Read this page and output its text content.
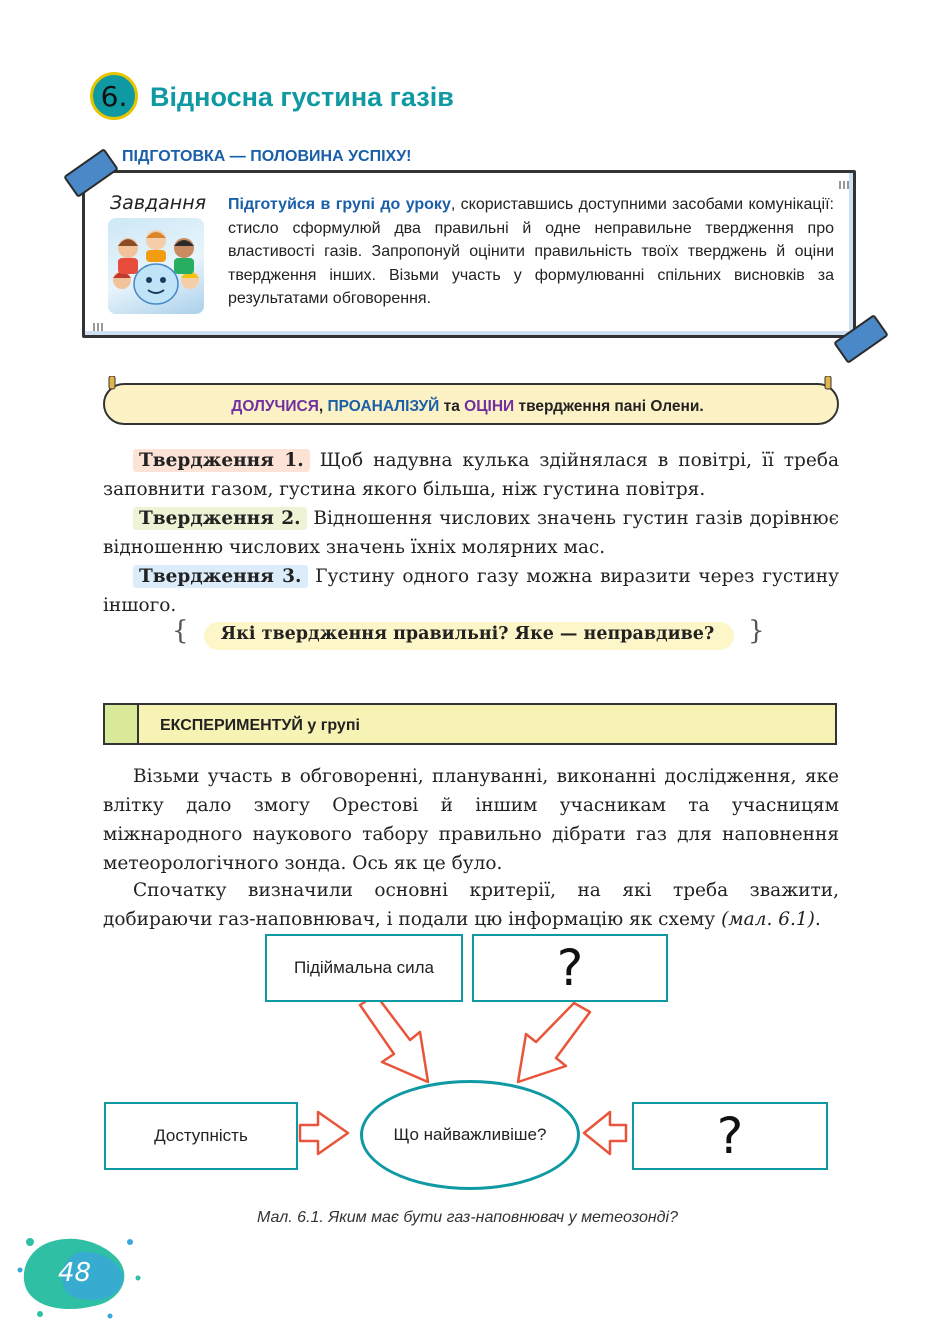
6. Відносна густина газів
ПІДГОТОВКА — ПОЛОВИНА УСПІХУ!
Завдання Підготуйся в групі до уроку, скориставшись доступними засобами комунікації: стисло сформулюй два правильні й одне неправильне твердження про властивості газів. Запропонуй оцінити правильність твоїх тверджень й оціни твердження інших. Візьми участь у формулюванні спільних висновків за результатами обговорення.
ДОЛУЧИСЯ, ПРОАНАЛІЗУЙ та ОЦІНИ твердження пані Олени.
Твердження 1. Щоб надувна кулька здійнялася в повітрі, її треба заповнити газом, густина якого більша, ніж густина повітря.
Твердження 2. Відношення числових значень густин газів дорівнює відношенню числових значень їхніх молярних мас.
Твердження 3. Густину одного газу можна виразити через густину іншого.
{	}
Які твердження правильні? Яке — неправдиве?
ЕКСПЕРИМЕНТУЙ у групі
Візьми участь в обговоренні, плануванні, виконанні дослідження, яке влітку дало змогу Орестові й іншим учасникам та учасницям міжнародного наукового табору правильно дібрати газ для наповнення метеорологічного зонда. Ось як це було.
Спочатку визначили основні критерії, на які треба зважити, добираючи газ-наповнювач, і подали цю інформацію як схему (мал. 6.1).
Підіймальна сила ?
Доступність	Що найважливіше?	?
Мал. 6.1. Яким має бути газ-наповнювач у метеозонді?
48
